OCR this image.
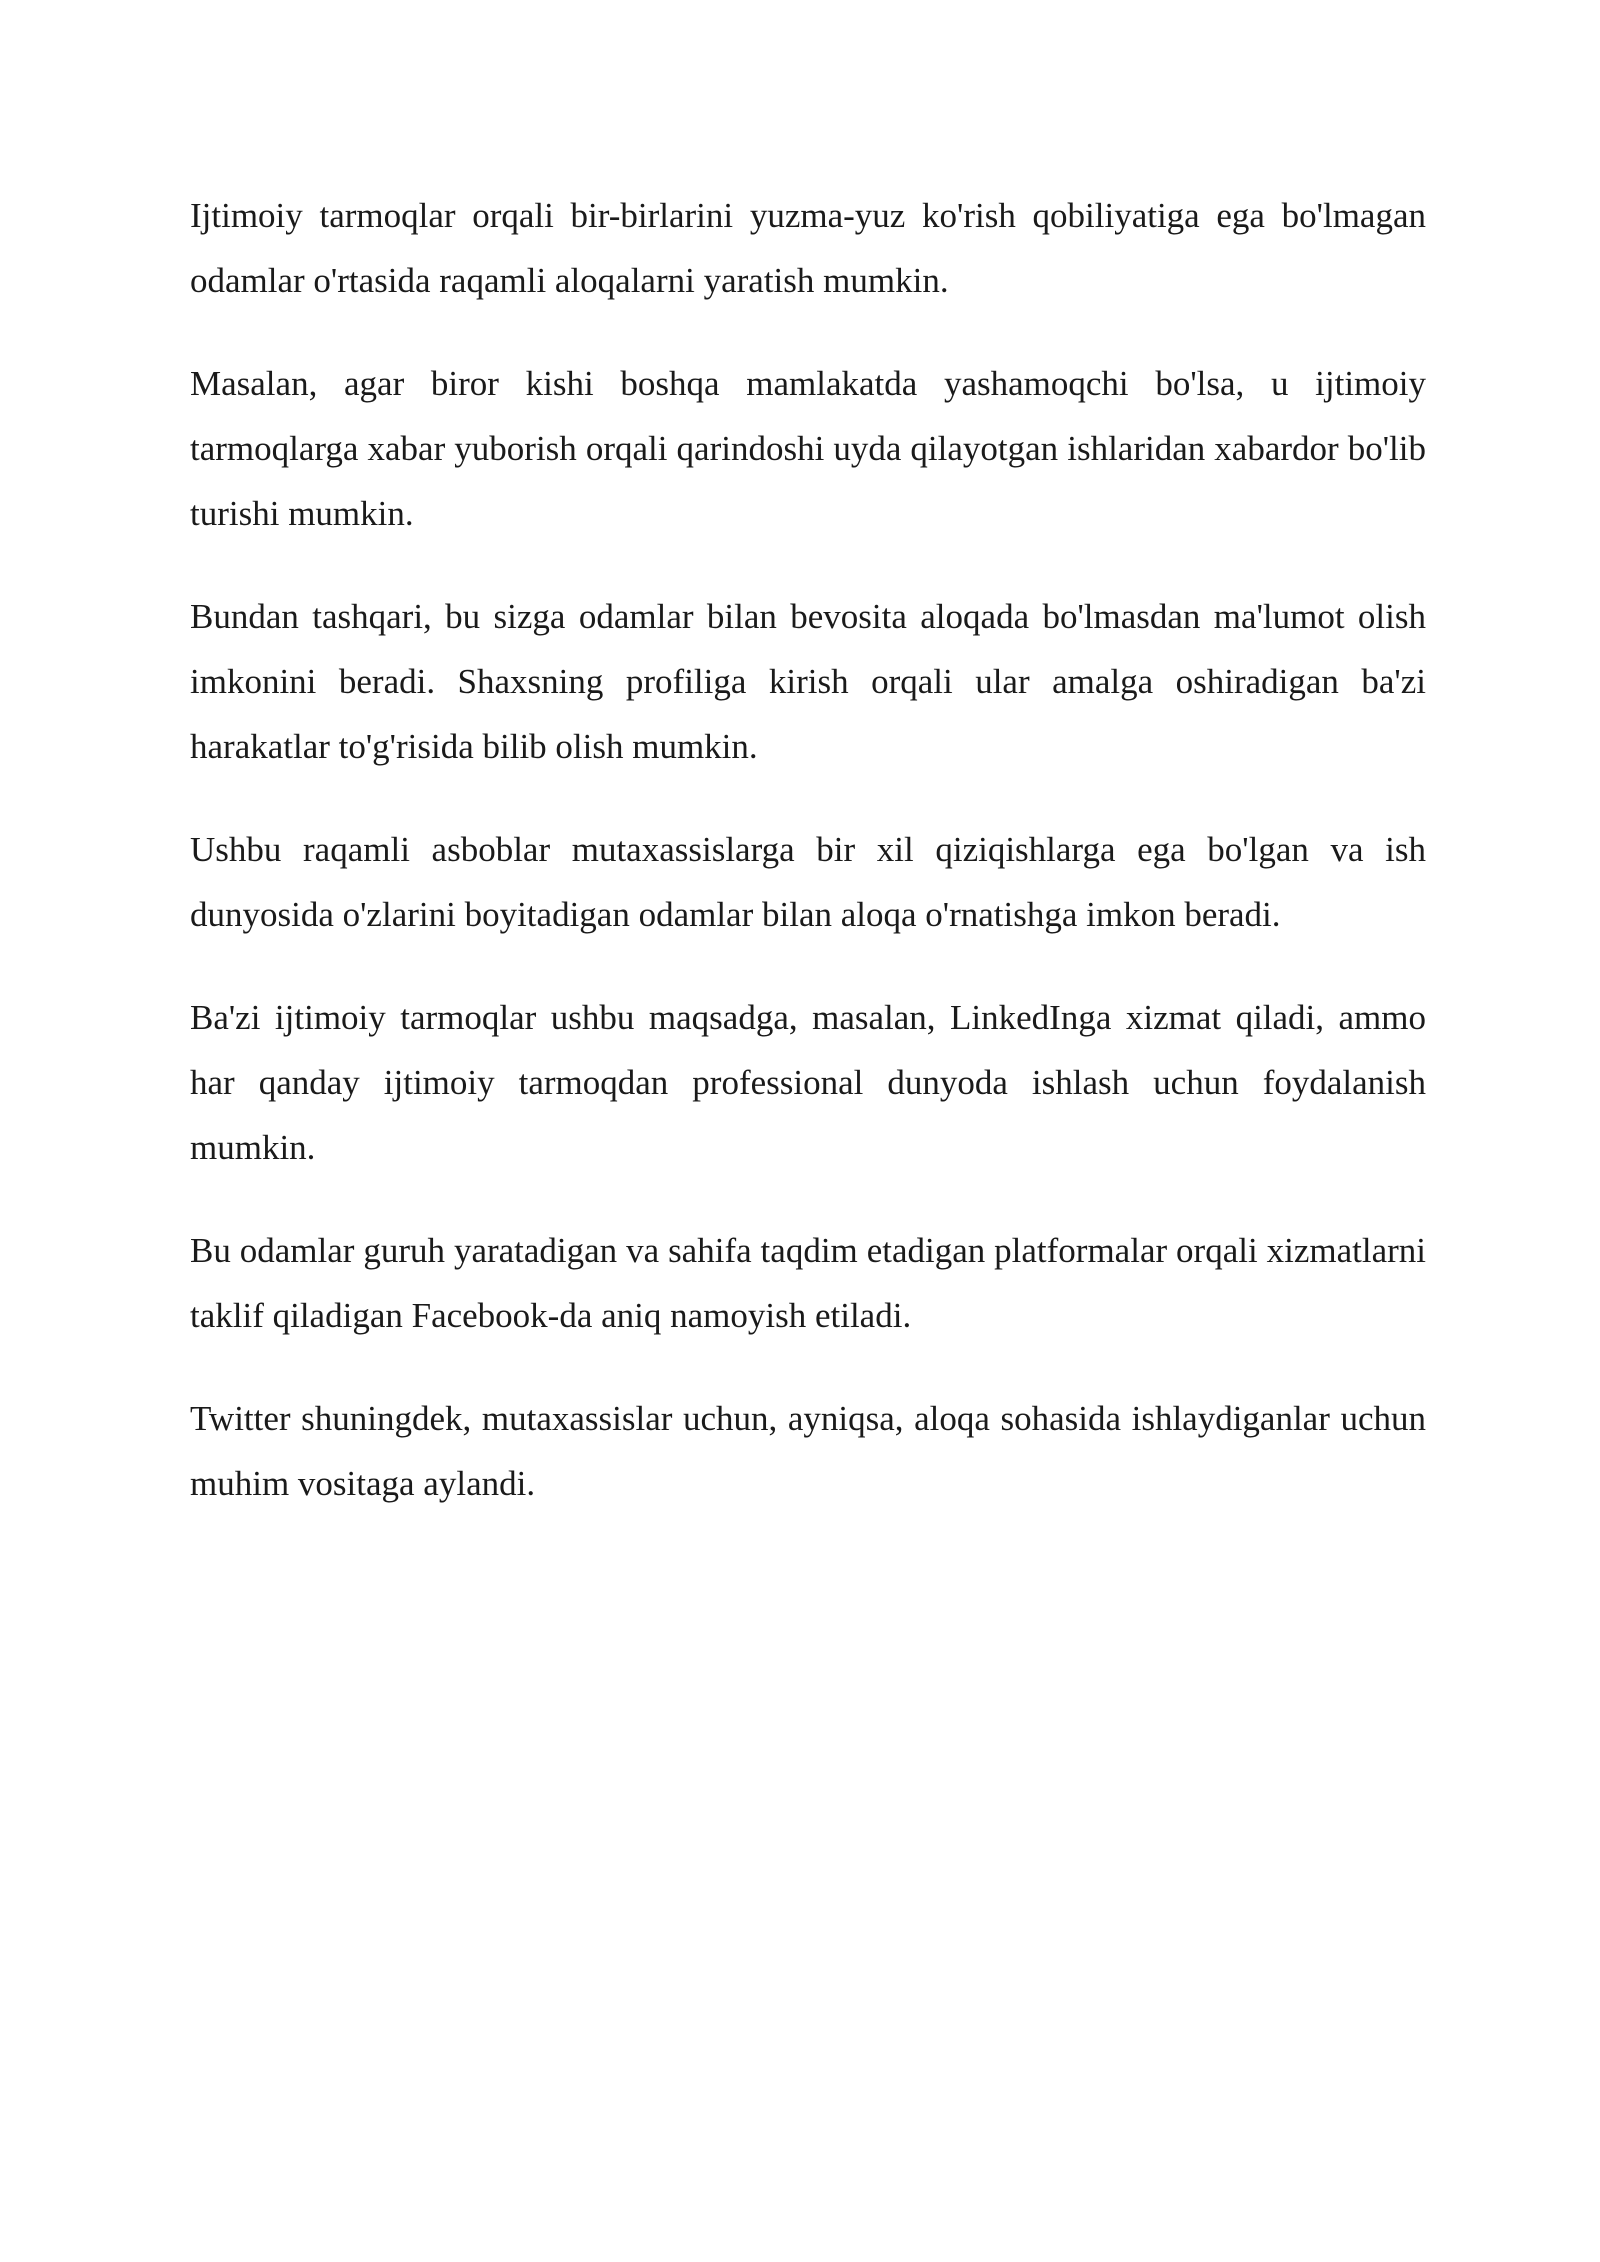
Ijtimoiy tarmoqlar orqali bir-birlarini yuzma-yuz ko'rish qobiliyatiga ega bo'lmagan odamlar o'rtasida raqamli aloqalarni yaratish mumkin.

Masalan, agar biror kishi boshqa mamlakatda yashamoqchi bo'lsa, u ijtimoiy tarmoqlarga xabar yuborish orqali qarindoshi uyda qilayotgan ishlaridan xabardor bo'lib turishi mumkin.

Bundan tashqari, bu sizga odamlar bilan bevosita aloqada bo'lmasdan ma'lumot olish imkonini beradi. Shaxsning profiliga kirish orqali ular amalga oshiradigan ba'zi harakatlar to'g'risida bilib olish mumkin.

Ushbu raqamli asboblar mutaxassislarga bir xil qiziqishlarga ega bo'lgan va ish dunyosida o'zlarini boyitadigan odamlar bilan aloqa o'rnatishga imkon beradi.

Ba'zi ijtimoiy tarmoqlar ushbu maqsadga, masalan, LinkedInga xizmat qiladi, ammo har qanday ijtimoiy tarmoqdan professional dunyoda ishlash uchun foydalanish mumkin.

Bu odamlar guruh yaratadigan va sahifa taqdim etadigan platformalar orqali xizmatlarni taklif qiladigan Facebook-da aniq namoyish etiladi.

Twitter shuningdek, mutaxassislar uchun, ayniqsa, aloqa sohasida ishlaydiganlar uchun muhim vositaga aylandi.
